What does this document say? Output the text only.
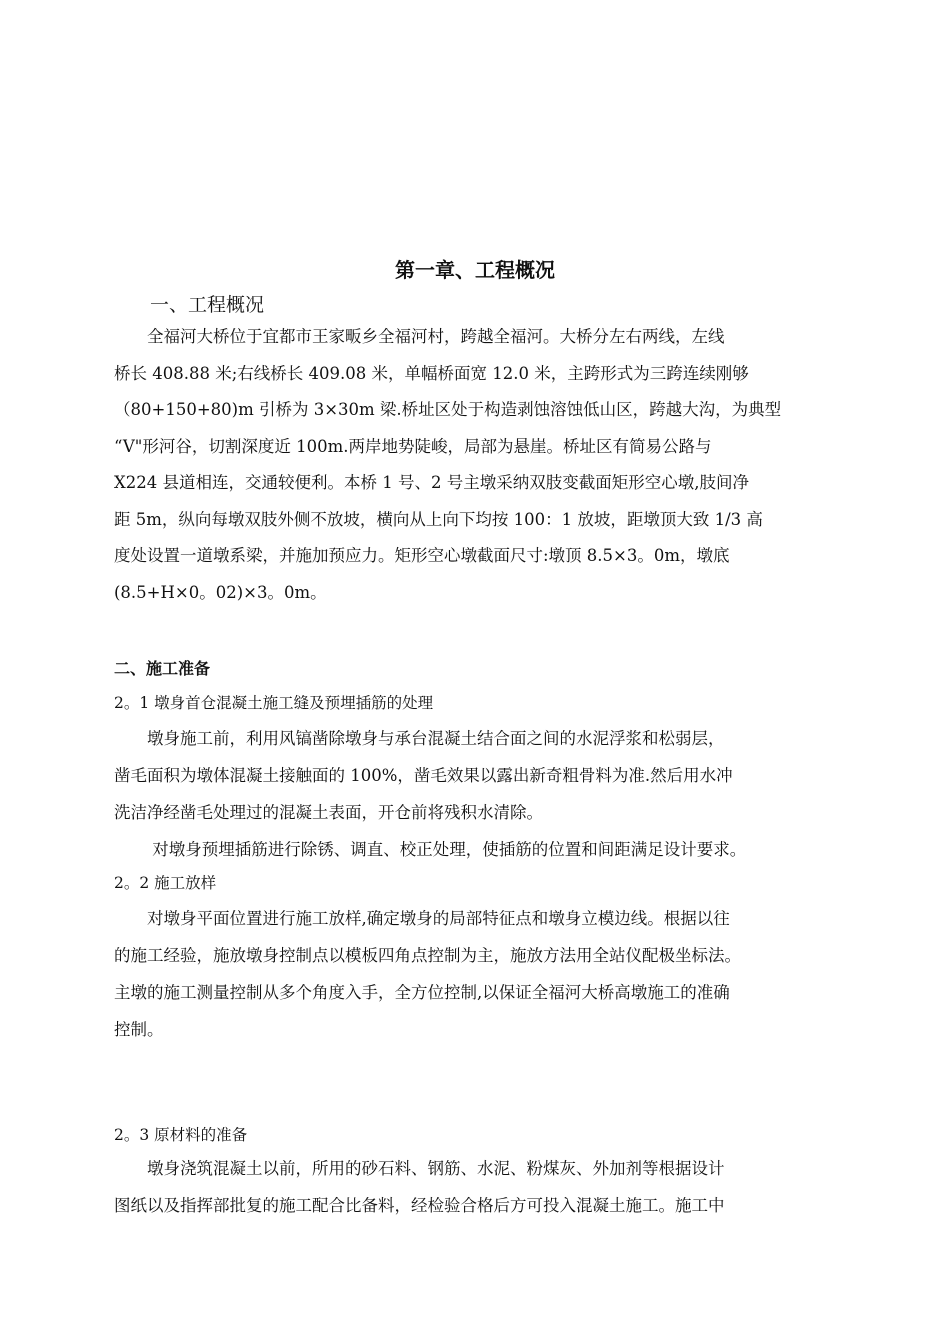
第一章、工程概况
一、工程概况
　　全福河大桥位于宜都市王家畈乡全福河村，跨越全福河。大桥分左右两线，左线
桥长 408.88 米;右线桥长 409.08 米，单幅桥面宽 12.0 米，主跨形式为三跨连续刚够
（80+150+80)m 引桥为 3×30m 梁.桥址区处于构造剥蚀溶蚀低山区，跨越大沟，为典型
“V"形河谷，切割深度近 100m.两岸地势陡峻，局部为悬崖。桥址区有简易公路与
X224 县道相连，交通较便利。本桥 1 号、2 号主墩采纳双肢变截面矩形空心墩,肢间净
距 5m，纵向每墩双肢外侧不放坡，横向从上向下均按 100：1 放坡，距墩顶大致 1/3 高
度处设置一道墩系梁，并施加预应力。矩形空心墩截面尺寸:墩顶 8.5×3。0m，墩底
(8.5+H×0。02)×3。0m。
二、施工准备
2。1 墩身首仓混凝土施工缝及预埋插筋的处理
　　墩身施工前，利用风镐凿除墩身与承台混凝土结合面之间的水泥浮浆和松弱层，
凿毛面积为墩体混凝土接触面的 100%，凿毛效果以露出新奇粗骨料为准.然后用水冲
洗洁净经凿毛处理过的混凝土表面，开仓前将残积水清除。
　　 对墩身预埋插筋进行除锈、调直、校正处理，使插筋的位置和间距满足设计要求。
2。2 施工放样
　　对墩身平面位置进行施工放样,确定墩身的局部特征点和墩身立模边线。根据以往
的施工经验，施放墩身控制点以模板四角点控制为主，施放方法用全站仪配极坐标法。
主墩的施工测量控制从多个角度入手，全方位控制,以保证全福河大桥高墩施工的准确
控制。
2。3 原材料的准备
　　墩身浇筑混凝土以前，所用的砂石料、钢筋、水泥、粉煤灰、外加剂等根据设计
图纸以及指挥部批复的施工配合比备料，经检验合格后方可投入混凝土施工。施工中
